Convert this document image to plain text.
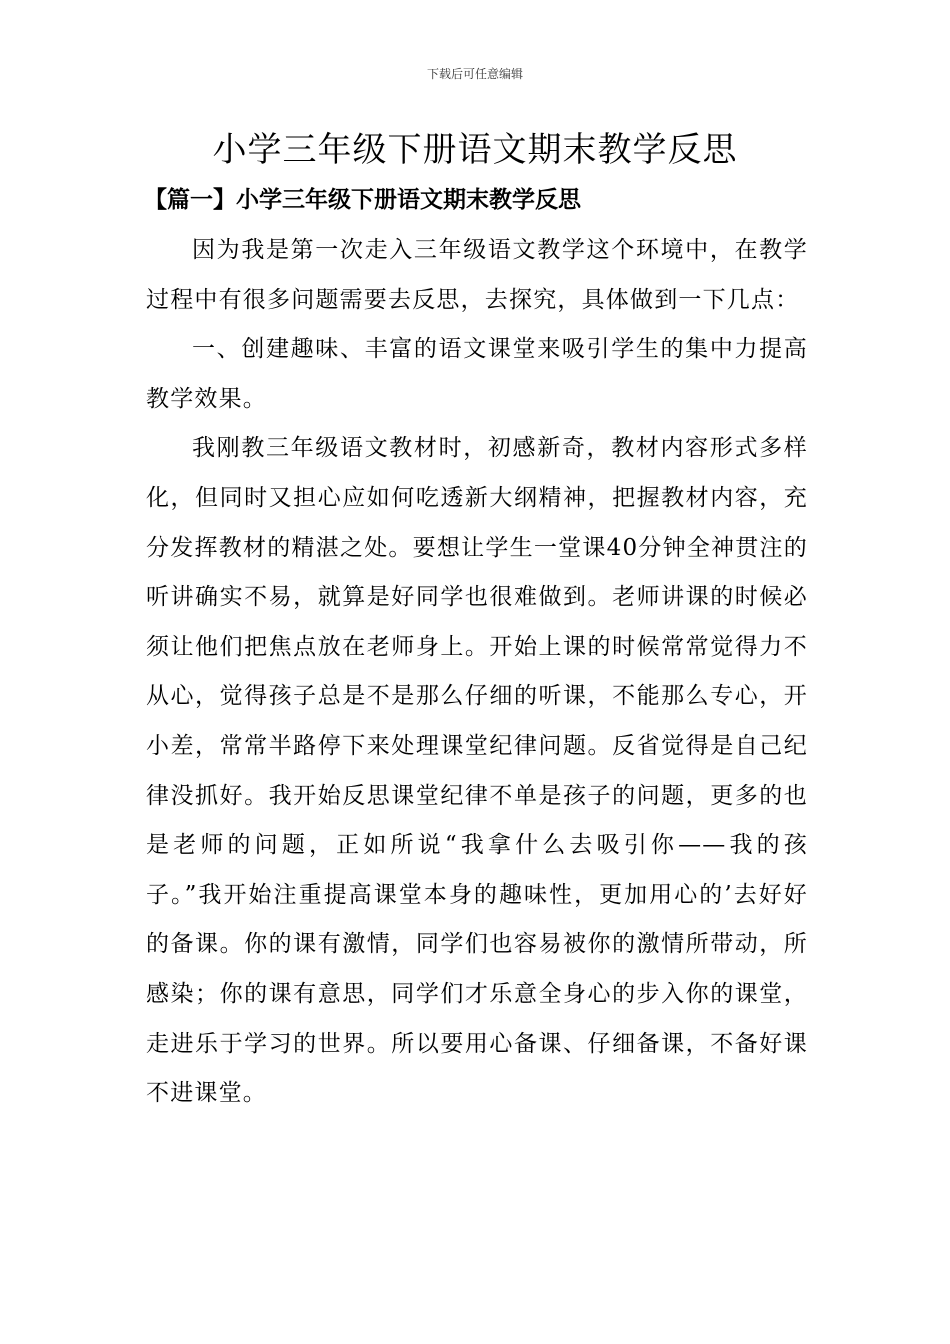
下载后可任意编辑
小学三年级下册语文期末教学反思
【篇一】小学三年级下册语文期末教学反思

因为我是第一次走入三年级语文教学这个环境中，在教学过程中有很多问题需要去反思，去探究，具体做到一下几点：

一、创建趣味、丰富的语文课堂来吸引学生的集中力提高教学效果。

我刚教三年级语文教材时，初感新奇，教材内容形式多样化，但同时又担心应如何吃透新大纲精神，把握教材内容，充分发挥教材的精湛之处。要想让学生一堂课40分钟全神贯注的听讲确实不易，就算是好同学也很难做到。老师讲课的时候必须让他们把焦点放在老师身上。开始上课的时候常常觉得力不从心，觉得孩子总是不是那么仔细的听课，不能那么专心，开小差，常常半路停下来处理课堂纪律问题。反省觉得是自己纪律没抓好。我开始反思课堂纪律不单是孩子的问题，更多的也是老师的问题，正如所说“我拿什么去吸引你——我的孩子。”我开始注重提高课堂本身的趣味性，更加用心的’去好好的备课。你的课有激情，同学们也容易被你的激情所带动，所感染；你的课有意思，同学们才乐意全身心的步入你的课堂，走进乐于学习的世界。所以要用心备课、仔细备课，不备好课不进课堂。
